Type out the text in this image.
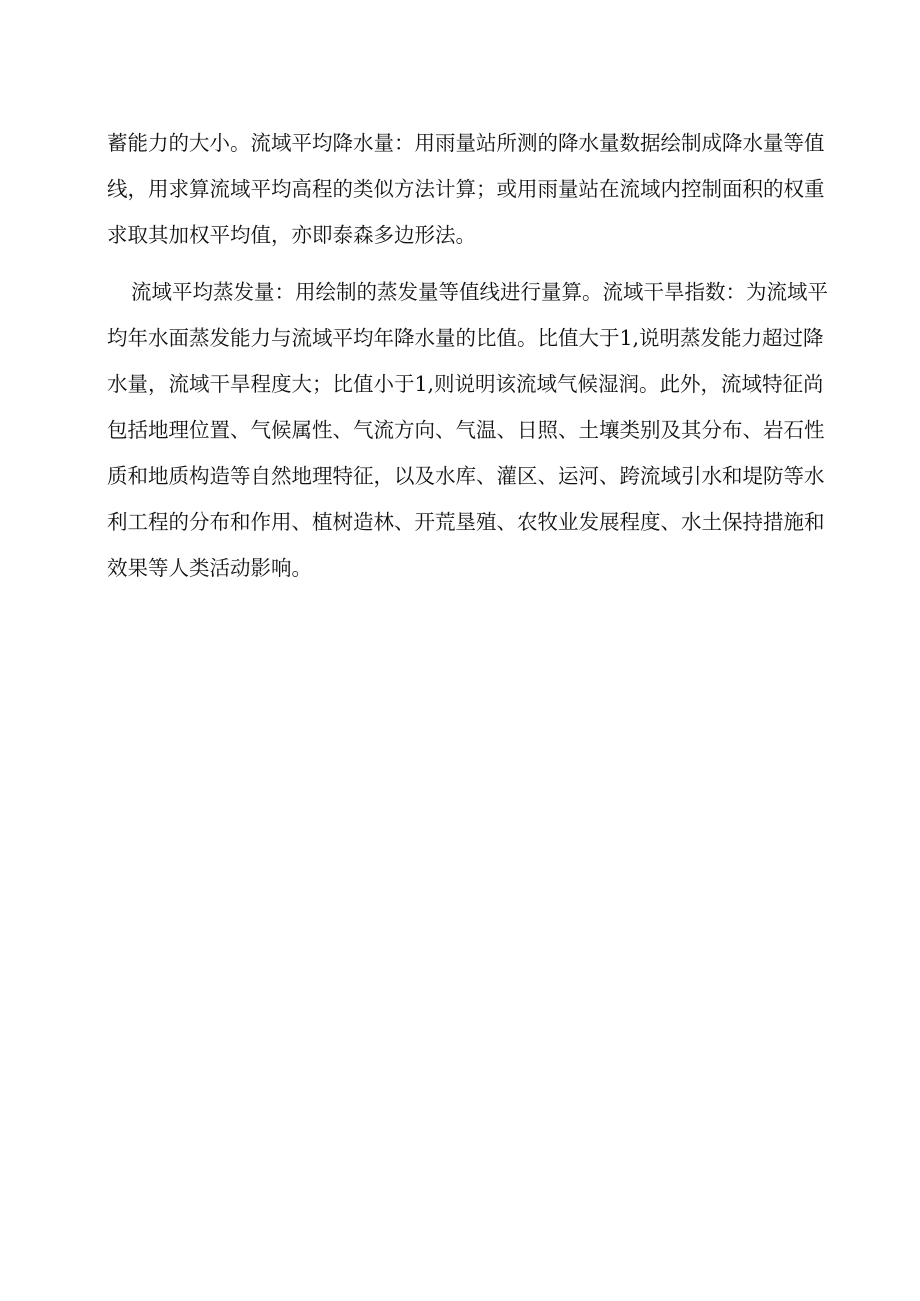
蓄能力的大小。流域平均降水量：用雨量站所测的降水量数据绘制成降水量等值
线，用求算流域平均高程的类似方法计算；或用雨量站在流域内控制面积的权重
求取其加权平均值，亦即泰森多边形法。
流域平均蒸发量：用绘制的蒸发量等值线进行量算。流域干旱指数：为流域平
均年水面蒸发能力与流域平均年降水量的比值。比值大于1,说明蒸发能力超过降
水量，流域干旱程度大；比值小于1,则说明该流域气候湿润。此外，流域特征尚
包括地理位置、气候属性、气流方向、气温、日照、土壤类别及其分布、岩石性
质和地质构造等自然地理特征，以及水库、灌区、运河、跨流域引水和堤防等水
利工程的分布和作用、植树造林、开荒垦殖、农牧业发展程度、水土保持措施和
效果等人类活动影响。
